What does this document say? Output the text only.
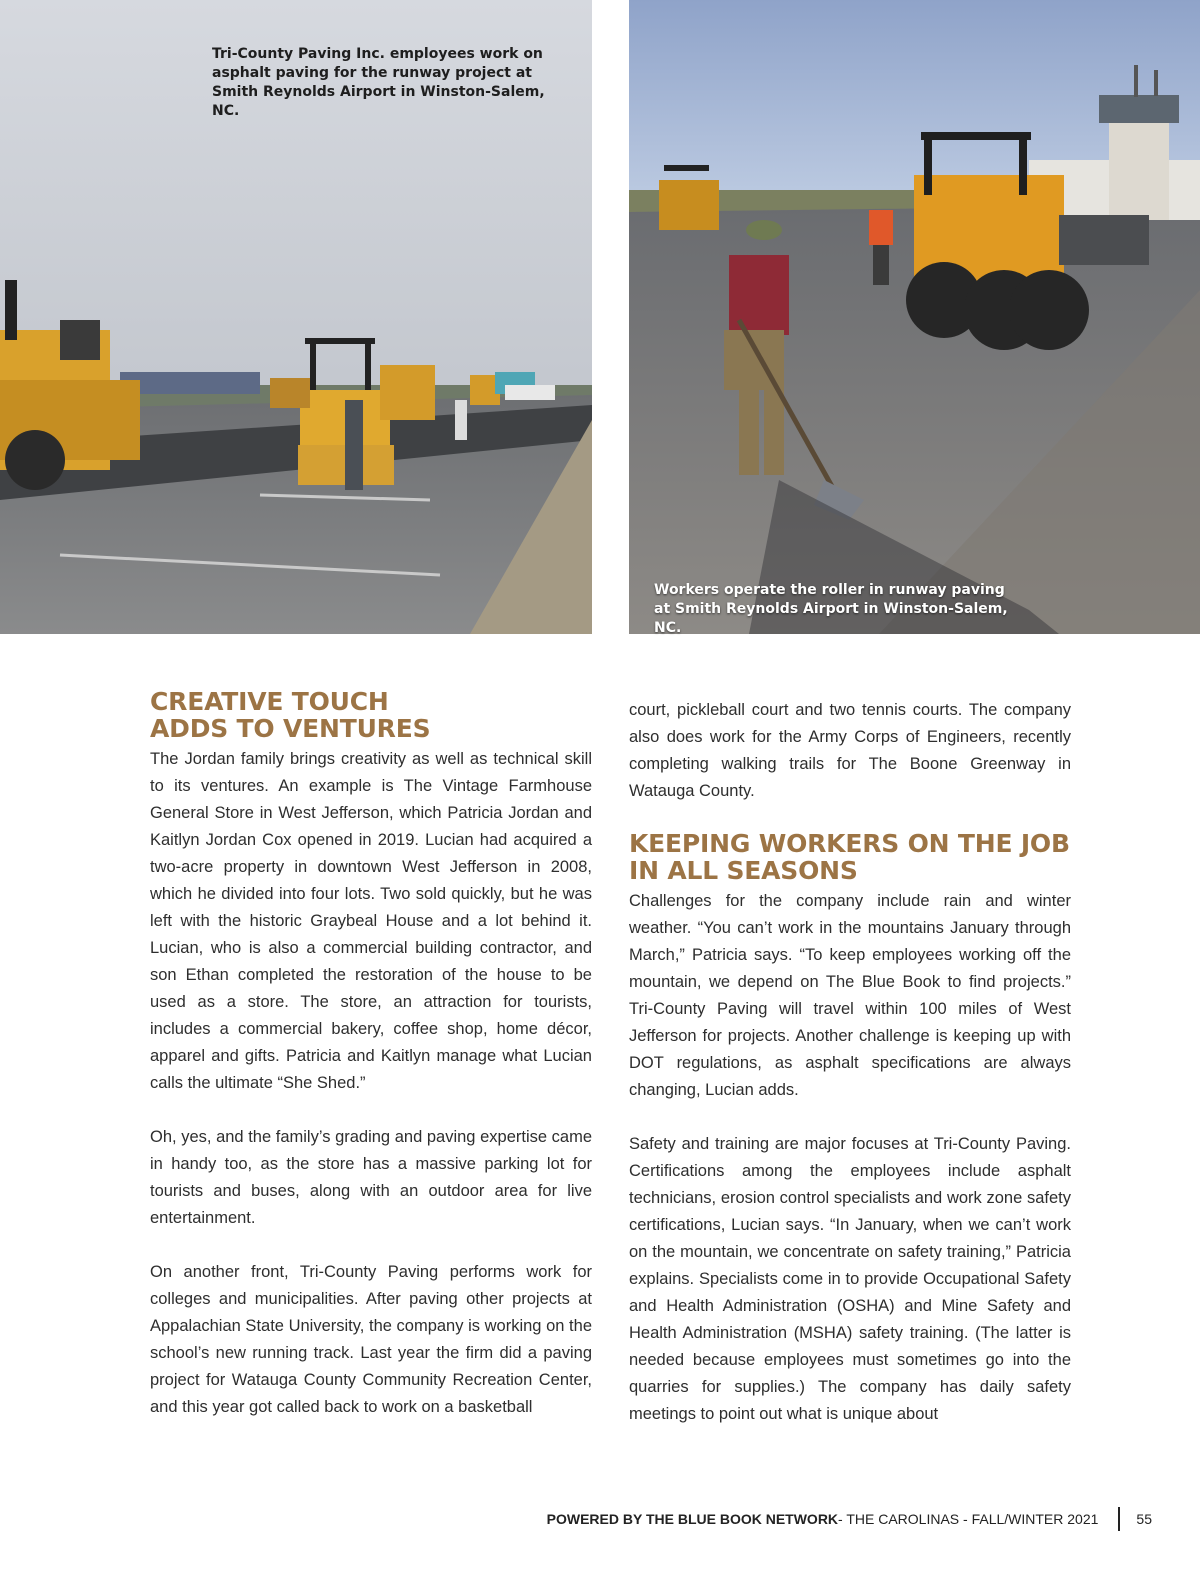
Tri-County Paving Inc. employees work on asphalt paving for the runway project at Smith Reynolds Airport in Winston-Salem, NC.
Workers operate the roller in runway paving at Smith Reynolds Airport in Winston-Salem, NC.
CREATIVE TOUCH
ADDS TO VENTURES

The Jordan family brings creativity as well as technical skill to its ventures. An example is The Vintage Farmhouse General Store in West Jefferson, which Patricia Jordan and Kaitlyn Jordan Cox opened in 2019. Lucian had acquired a two-acre property in downtown West Jefferson in 2008, which he divided into four lots. Two sold quickly, but he was left with the historic Graybeal House and a lot behind it. Lucian, who is also a commercial building contractor, and son Ethan completed the restoration of the house to be used as a store. The store, an attraction for tourists, includes a commercial bakery, coffee shop, home décor, apparel and gifts. Patricia and Kaitlyn manage what Lucian calls the ultimate “She Shed.”

Oh, yes, and the family’s grading and paving expertise came in handy too, as the store has a massive parking lot for tourists and buses, along with an outdoor area for live entertainment.

On another front, Tri-County Paving performs work for colleges and municipalities. After paving other projects at Appalachian State University, the company is working on the school’s new running track. Last year the firm did a paving project for Watauga County Community Recreation Center, and this year got called back to work on a basketball

court, pickleball court and two tennis courts. The company also does work for the Army Corps of Engineers, recently completing walking trails for The Boone Greenway in Watauga County.

KEEPING WORKERS ON THE JOB
IN ALL SEASONS

Challenges for the company include rain and winter weather. “You can’t work in the mountains January through March,” Patricia says. “To keep employees working off the mountain, we depend on The Blue Book to find projects.” Tri-County Paving will travel within 100 miles of West Jefferson for projects. Another challenge is keeping up with DOT regulations, as asphalt specifications are always changing, Lucian adds.

Safety and training are major focuses at Tri-County Paving. Certifications among the employees include asphalt technicians, erosion control specialists and work zone safety certifications, Lucian says. “In January, when we can’t work on the mountain, we concentrate on safety training,” Patricia explains. Specialists come in to provide Occupational Safety and Health Administration (OSHA) and Mine Safety and Health Administration (MSHA) safety training. (The latter is needed because employees must sometimes go into the quarries for supplies.) The company has daily safety meetings to point out what is unique about

POWERED BY THE BLUE BOOK NETWORK - THE CAROLINAS - FALL/WINTER 2021	55
